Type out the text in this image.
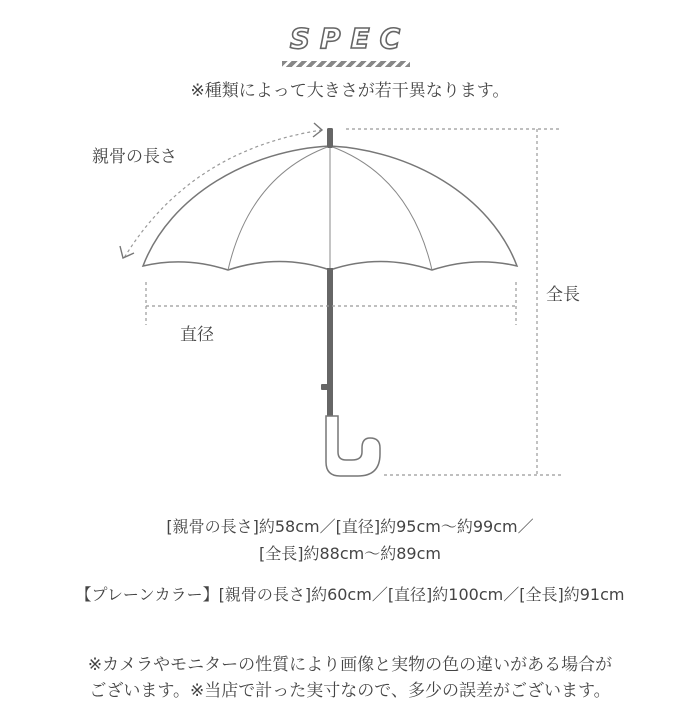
SPEC
※種類によって大きさが若干異なります。
親骨の長さ
直径
全長
[親骨の長さ]約58cm／[直径]約95cm〜約99cm／
[全長]約88cm〜約89cm
【プレーンカラー】[親骨の長さ]約60cm／[直径]約100cm／[全長]約91cm
※カメラやモニターの性質により画像と実物の色の違いがある場合が
ございます。※当店で計った実寸なので、多少の誤差がございます。
